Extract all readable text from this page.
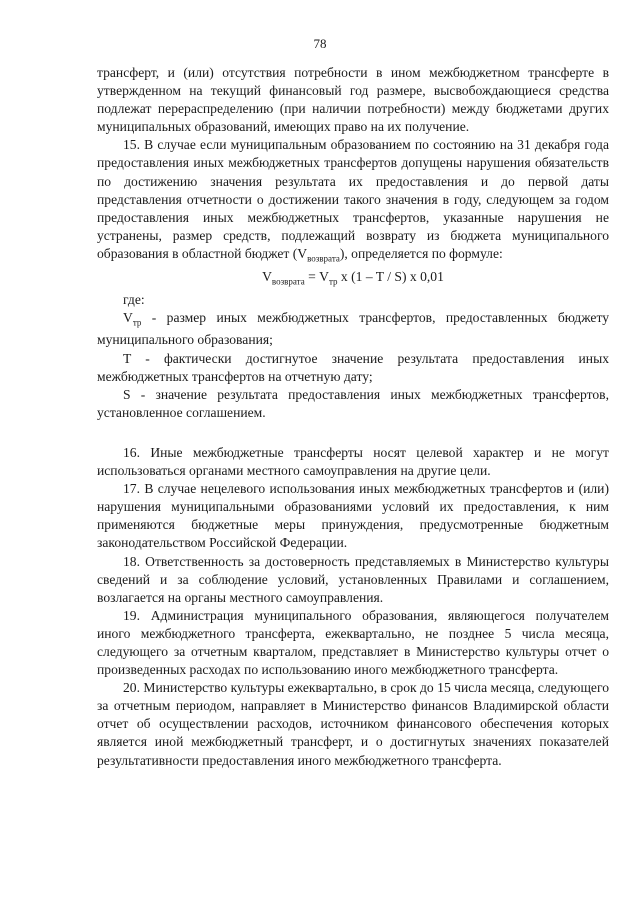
78

трансферт, и (или) отсутствия потребности в ином межбюджетном трансферте в утвержденном на текущий финансовый год размере, высвобождающиеся средства подлежат перераспределению (при наличии потребности) между бюджетами других муниципальных образований, имеющих право на их получение.

15. В случае если муниципальным образованием по состоянию на 31 декабря года предоставления иных межбюджетных трансфертов допущены нарушения обязательств по достижению значения результата их предоставления и до первой даты представления отчетности о достижении такого значения в году, следующем за годом предоставления иных межбюджетных трансфертов, указанные нарушения не устранены, размер средств, подлежащий возврату из бюджета муниципального образования в областной бюджет $(V_{возврата})$, определяется по формуле:

$V_{возврата} = V_{тр}$ x (1 – T / S) x 0,01

где:

$V_{тр}$ - размер иных межбюджетных трансфертов, предоставленных бюджету муниципального образования;

T - фактически достигнутое значение результата предоставления иных межбюджетных трансфертов на отчетную дату;

S - значение результата предоставления иных межбюджетных трансфертов, установленное соглашением.

16. Иные межбюджетные трансферты носят целевой характер и не могут использоваться органами местного самоуправления на другие цели.

17. В случае нецелевого использования иных межбюджетных трансфертов и (или) нарушения муниципальными образованиями условий их предоставления, к ним применяются бюджетные меры принуждения, предусмотренные бюджетным законодательством Российской Федерации.

18. Ответственность за достоверность представляемых в Министерство культуры сведений и за соблюдение условий, установленных Правилами и соглашением, возлагается на органы местного самоуправления.

19. Администрация муниципального образования, являющегося получателем иного межбюджетного трансферта, ежеквартально, не позднее 5 числа месяца, следующего за отчетным кварталом, представляет в Министерство культуры отчет о произведенных расходах по использованию иного межбюджетного трансферта.

20. Министерство культуры ежеквартально, в срок до 15 числа месяца, следующего за отчетным периодом, направляет в Министерство финансов Владимирской области отчет об осуществлении расходов, источником финансового обеспечения которых является иной межбюджетный трансферт, и о достигнутых значениях показателей результативности предоставления иного межбюджетного трансферта.
